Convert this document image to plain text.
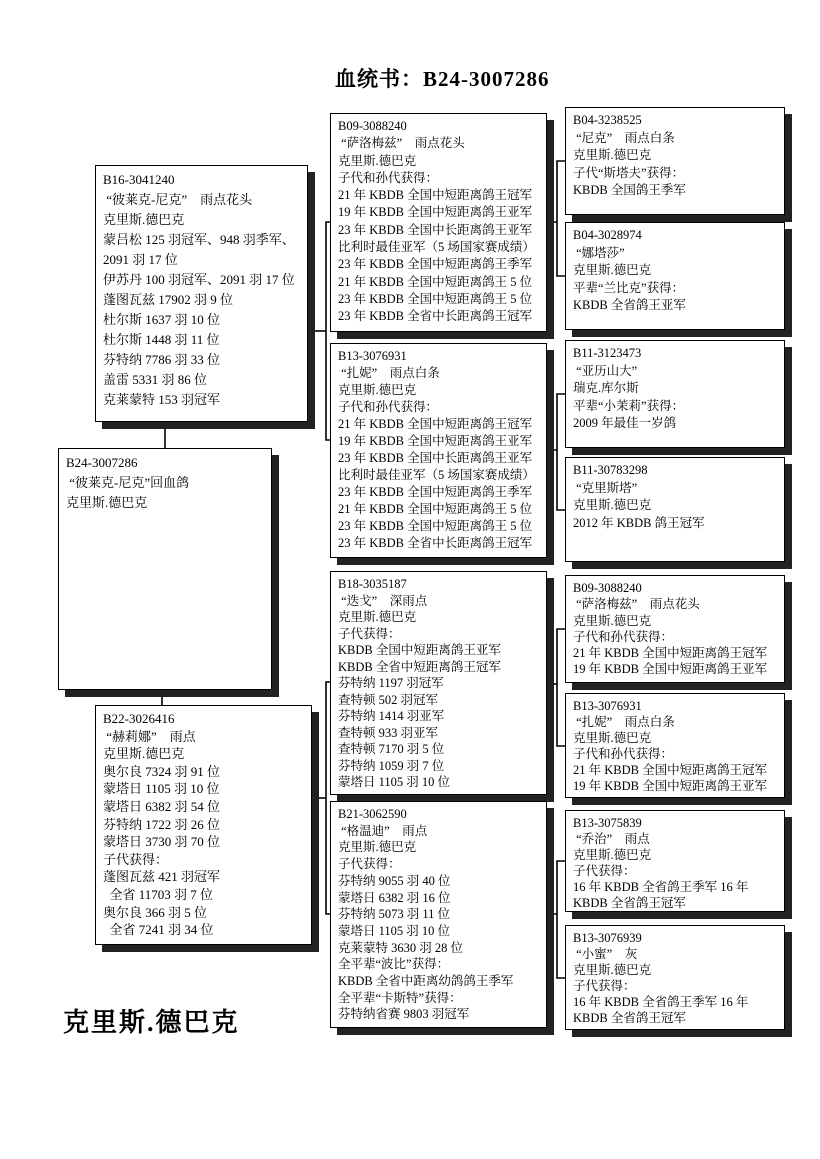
血统书：B24-3007286
B16-3041240
“彼莱克-尼克”　雨点花头
克里斯.德巴克
蒙吕松 125 羽冠军、948 羽季军、
2091 羽 17 位
伊苏丹 100 羽冠军、2091 羽 17 位
蓬图瓦兹 17902 羽 9 位
杜尔斯 1637 羽 10 位
杜尔斯 1448 羽 11 位
芬特纳 7786 羽 33 位
盖雷 5331 羽 86 位
克莱蒙特 153 羽冠军
B24-3007286
“彼莱克-尼克”回血鸽
克里斯.德巴克
B22-3026416
“赫莉娜”　雨点
克里斯.德巴克
奥尔良 7324 羽 91 位
蒙塔日 1105 羽 10 位
蒙塔日 6382 羽 54 位
芬特纳 1722 羽 26 位
蒙塔日 3730 羽 70 位
子代获得：
蓬图瓦兹 421 羽冠军
全省 11703 羽 7 位
奥尔良 366 羽 5 位
全省 7241 羽 34 位
B09-3088240
“萨洛梅兹”　雨点花头
克里斯.德巴克
子代和孙代获得：
21 年 KBDB 全国中短距离鸽王冠军
19 年 KBDB 全国中短距离鸽王亚军
23 年 KBDB 全国中长距离鸽王亚军
比利时最佳亚军（5 场国家赛成绩）
23 年 KBDB 全国中短距离鸽王季军
21 年 KBDB 全国中短距离鸽王 5 位
23 年 KBDB 全国中短距离鸽王 5 位
23 年 KBDB 全省中长距离鸽王冠军
B13-3076931
“扎妮”　雨点白条
克里斯.德巴克
子代和孙代获得：
21 年 KBDB 全国中短距离鸽王冠军
19 年 KBDB 全国中短距离鸽王亚军
23 年 KBDB 全国中长距离鸽王亚军
比利时最佳亚军（5 场国家赛成绩）
23 年 KBDB 全国中短距离鸽王季军
21 年 KBDB 全国中短距离鸽王 5 位
23 年 KBDB 全国中短距离鸽王 5 位
23 年 KBDB 全省中长距离鸽王冠军
B18-3035187
“迭戈”　深雨点
克里斯.德巴克
子代获得：
KBDB 全国中短距离鸽王亚军
KBDB 全省中短距离鸽王冠军
芬特纳 1197 羽冠军
查特顿 502 羽冠军
芬特纳 1414 羽亚军
查特顿 933 羽亚军
查特顿 7170 羽 5 位
芬特纳 1059 羽 7 位
蒙塔日 1105 羽 10 位
B21-3062590
“格温迪”　雨点
克里斯.德巴克
子代获得：
芬特纳 9055 羽 40 位
蒙塔日 6382 羽 16 位
芬特纳 5073 羽 11 位
蒙塔日 1105 羽 10 位
克莱蒙特 3630 羽 28 位
全平辈“波比”获得：
KBDB 全省中距离幼鸽鸽王季军
全平辈“卡斯特”获得：
芬特纳省赛 9803 羽冠军
B04-3238525
“尼克”　雨点白条
克里斯.德巴克
子代“斯塔夫”获得：
KBDB 全国鸽王季军
B04-3028974
“娜塔莎”
克里斯.德巴克
平辈“兰比克”获得：
KBDB 全省鸽王亚军
B11-3123473
“亚历山大”
瑞克.库尔斯
平辈“小茉莉”获得：
2009 年最佳一岁鸽
B11-30783298
“克里斯塔”
克里斯.德巴克
2012 年 KBDB 鸽王冠军
B09-3088240
“萨洛梅兹”　雨点花头
克里斯.德巴克
子代和孙代获得：
21 年 KBDB 全国中短距离鸽王冠军
19 年 KBDB 全国中短距离鸽王亚军
B13-3076931
“扎妮”　雨点白条
克里斯.德巴克
子代和孙代获得：
21 年 KBDB 全国中短距离鸽王冠军
19 年 KBDB 全国中短距离鸽王亚军
B13-3075839
“乔治”　雨点
克里斯.德巴克
子代获得：
16 年 KBDB 全省鸽王季军 16 年
KBDB 全省鸽王冠军
B13-3076939
“小蜜”　灰
克里斯.德巴克
子代获得：
16 年 KBDB 全省鸽王季军 16 年
KBDB 全省鸽王冠军
克里斯.德巴克
